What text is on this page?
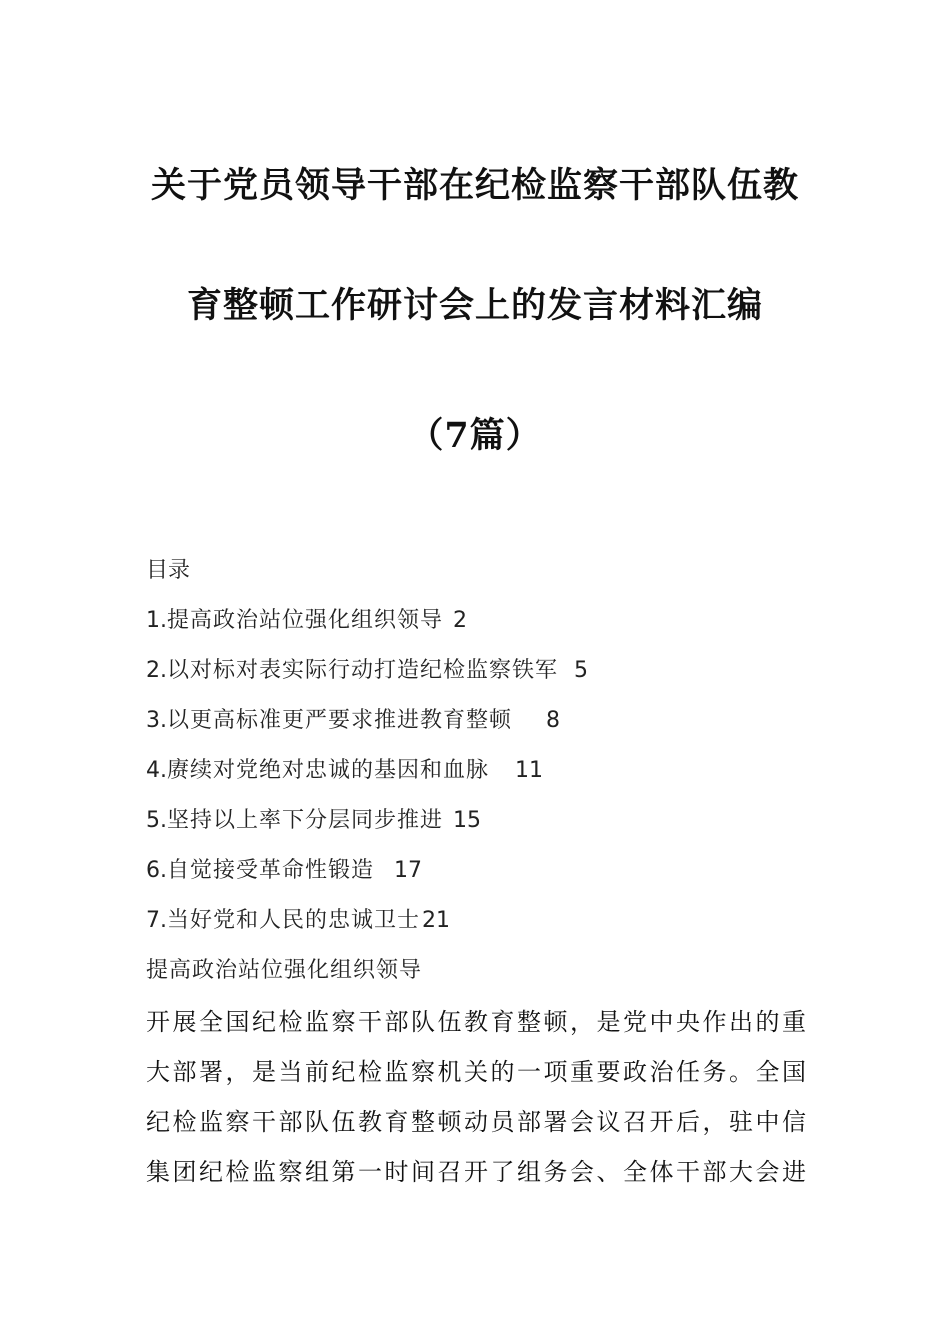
关于党员领导干部在纪检监察干部队伍教
育整顿工作研讨会上的发言材料汇编
（7篇）
目录
1.提高政治站位强化组织领导 2
2.以对标对表实际行动打造纪检监察铁军 5
3.以更高标准更严要求推进教育整顿 8
4.赓续对党绝对忠诚的基因和血脉 11
5.坚持以上率下分层同步推进 15
6.自觉接受革命性锻造 17
7.当好党和人民的忠诚卫士21
提高政治站位强化组织领导
开展全国纪检监察干部队伍教育整顿，是党中央作出的重
大部署，是当前纪检监察机关的一项重要政治任务。全国
纪检监察干部队伍教育整顿动员部署会议召开后，驻中信
集团纪检监察组第一时间召开了组务会、全体干部大会进
